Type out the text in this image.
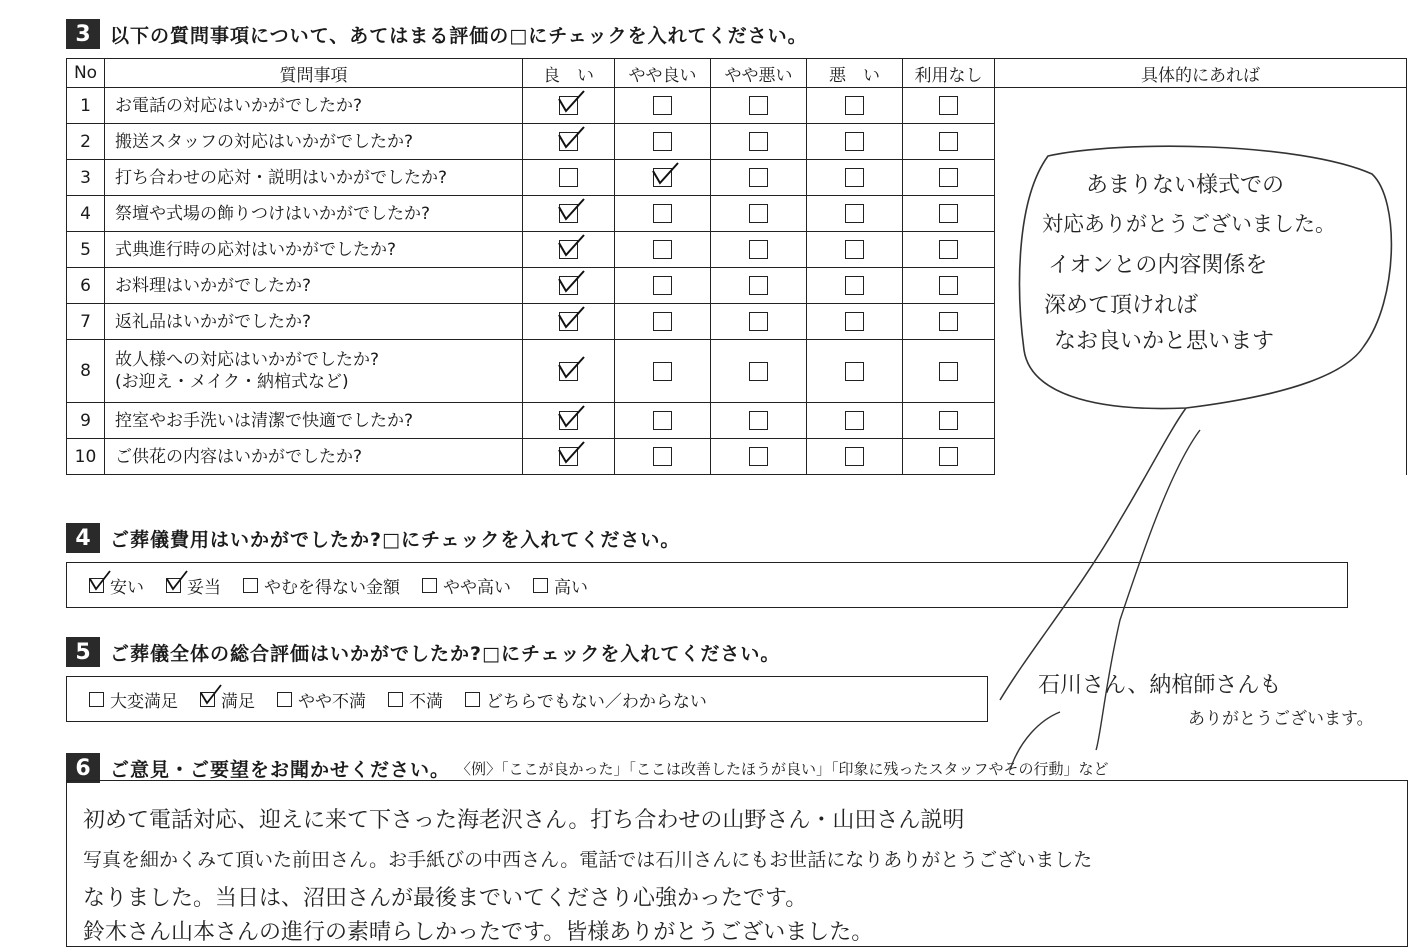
3	以下の質問事項について、あてはまる評価の□にチェックを入れてください。
No	質問事項	良　い	やや良い	やや悪い	悪　い	利用なし	具体的にあれば
1	お電話の対応はいかがでしたか?	

2	搬送スタッフの対応はいかがでしたか?	

3	打ち合わせの応対・説明はいかがでしたか?		

4	祭壇や式場の飾りつけはいかがでしたか?	

5	式典進行時の応対はいかがでしたか?	

6	お料理はいかがでしたか?	

7	返礼品はいかがでしたか?	

8	故人様への対応はいかがでしたか?
(お迎え・メイク・納棺式など)	

9	控室やお手洗いは清潔で快適でしたか?	

10	ご供花の内容はいかがでしたか?	

4	ご葬儀費用はいかがでしたか?□にチェックを入れてください。
安い	妥当	やむを得ない金額	やや高い	高い
5	ご葬儀全体の総合評価はいかがでしたか?□にチェックを入れてください。
大変満足	満足	やや不満	不満	どちらでもない／わからない
石川さん、納棺師さんも
ありがとうございます。
6	ご意見・ご要望をお聞かせください。 〈例〉「ここが良かった」「ここは改善したほうが良い」「印象に残ったスタッフやその行動」など
初めて電話対応、迎えに来て下さった海老沢さん。打ち合わせの山野さん・山田さん説明
写真を細かくみて頂いた前田さん。お手紙びの中西さん。電話では石川さんにもお世話になりありがとうございました
なりました。当日は、沼田さんが最後までいてくださり心強かったです。
鈴木さん山本さんの進行の素晴らしかったです。皆様ありがとうございました。
あまりない様式での
対応ありがとうございました。
イオンとの内容関係を
深めて頂ければ
なお良いかと思います
